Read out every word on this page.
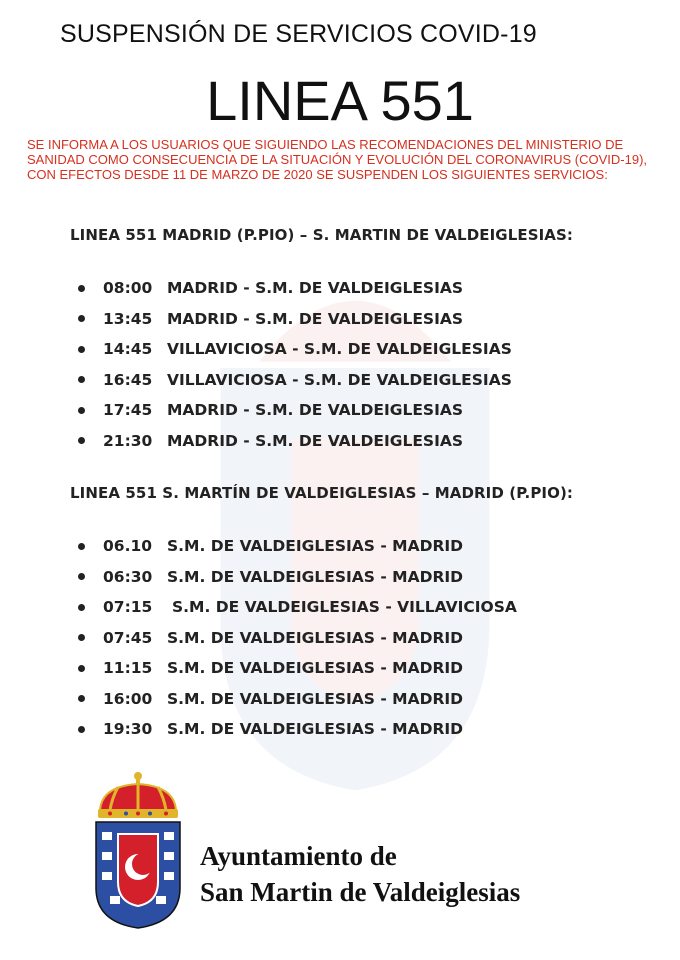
SUSPENSIÓN DE SERVICIOS COVID-19
LINEA 551
SE INFORMA A LOS USUARIOS QUE SIGUIENDO LAS RECOMENDACIONES DEL MINISTERIO DE SANIDAD COMO CONSECUENCIA DE LA SITUACIÓN Y EVOLUCIÓN DEL CORONAVIRUS (COVID-19), CON EFECTOS DESDE 11 DE MARZO DE 2020 SE SUSPENDEN LOS SIGUIENTES SERVICIOS:
LINEA 551 MADRID (P.PIO) – S. MARTIN DE VALDEIGLESIAS:
08:00 MADRID - S.M. DE VALDEIGLESIAS
13:45 MADRID - S.M. DE VALDEIGLESIAS
14:45 VILLAVICIOSA - S.M. DE VALDEIGLESIAS
16:45 VILLAVICIOSA - S.M. DE VALDEIGLESIAS
17:45 MADRID - S.M. DE VALDEIGLESIAS
21:30 MADRID - S.M. DE VALDEIGLESIAS
LINEA 551 S. MARTÍN DE VALDEIGLESIAS – MADRID (P.PIO):
06.10 S.M. DE VALDEIGLESIAS - MADRID
06:30 S.M. DE VALDEIGLESIAS - MADRID
07:15	S.M. DE VALDEIGLESIAS - VILLAVICIOSA
07:45 S.M. DE VALDEIGLESIAS - MADRID
11:15 S.M. DE VALDEIGLESIAS - MADRID
16:00 S.M. DE VALDEIGLESIAS - MADRID
19:30 S.M. DE VALDEIGLESIAS - MADRID
Ayuntamiento de
San Martin de Valdeiglesias
